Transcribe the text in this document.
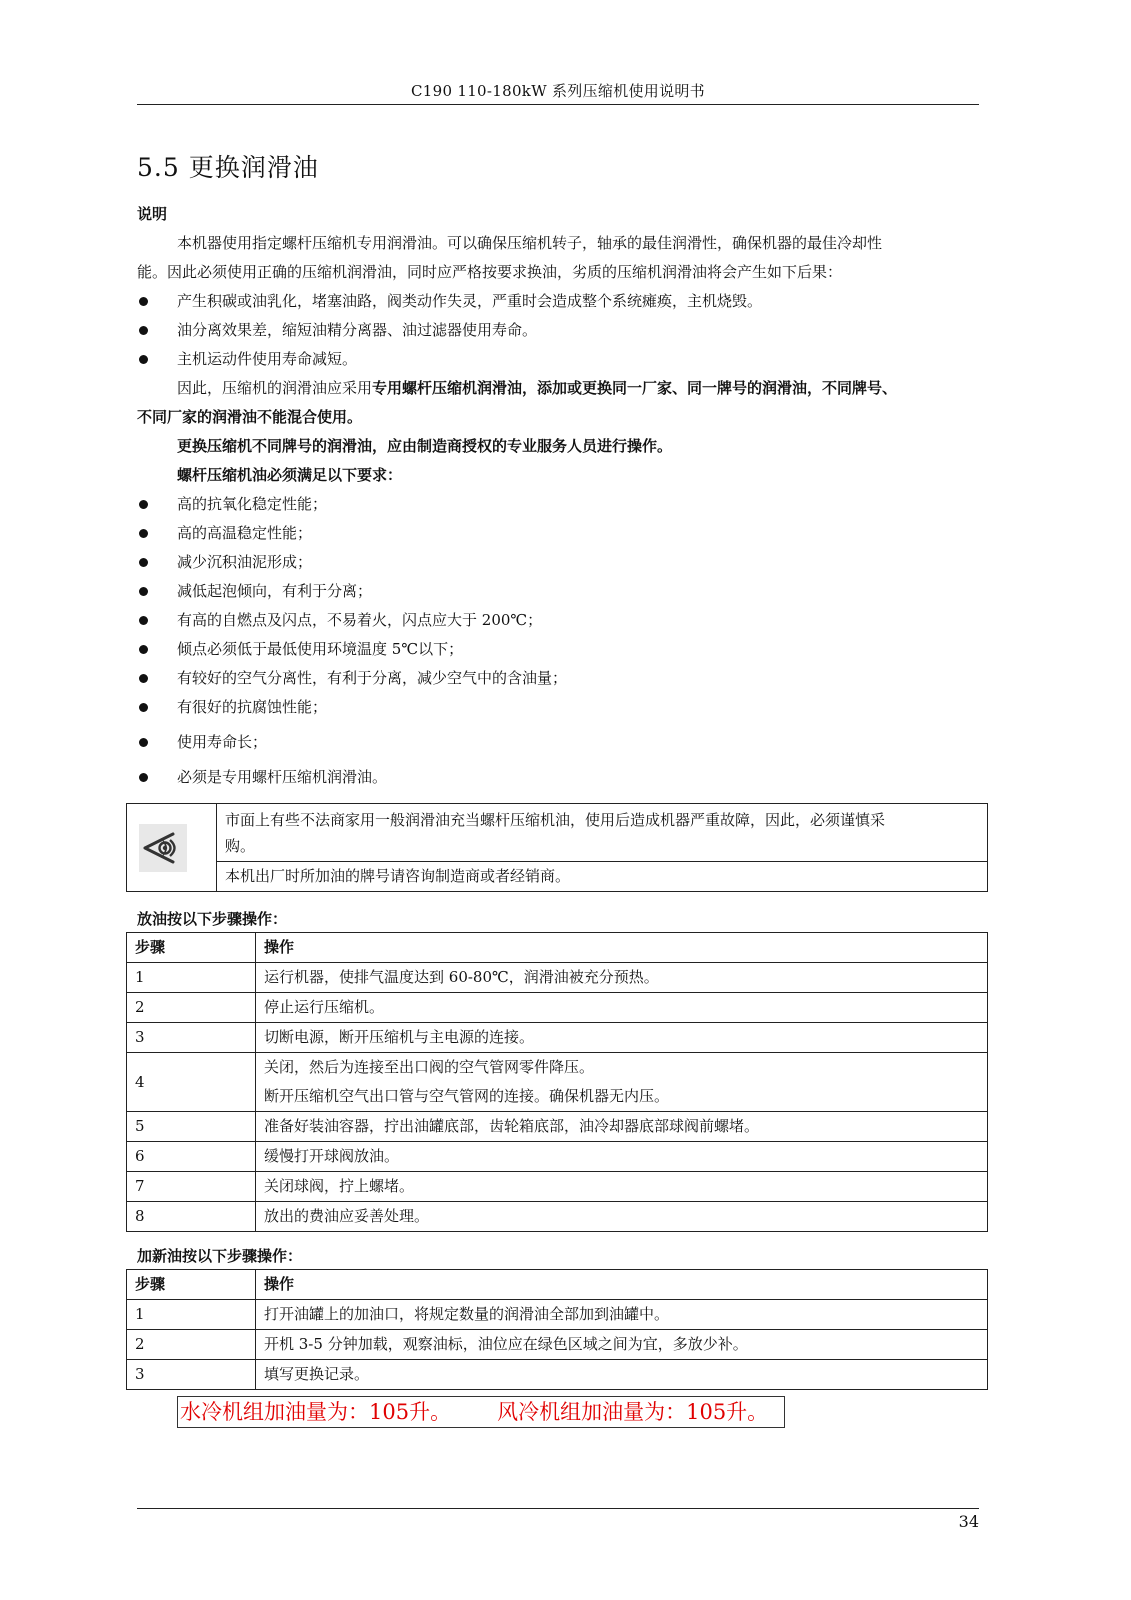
C190 110-180kW 系列压缩机使用说明书
5.5 更换润滑油
说明
本机器使用指定螺杆压缩机专用润滑油。可以确保压缩机转子，轴承的最佳润滑性，确保机器的最佳冷却性
能。因此必须使用正确的压缩机润滑油，同时应严格按要求换油，劣质的压缩机润滑油将会产生如下后果：
产生积碳或油乳化，堵塞油路，阀类动作失灵，严重时会造成整个系统瘫痪，主机烧毁。
油分离效果差，缩短油精分离器、油过滤器使用寿命。
主机运动件使用寿命减短。
因此，压缩机的润滑油应采用专用螺杆压缩机润滑油，添加或更换同一厂家、同一牌号的润滑油，不同牌号、
不同厂家的润滑油不能混合使用。
更换压缩机不同牌号的润滑油，应由制造商授权的专业服务人员进行操作。
螺杆压缩机油必须满足以下要求：
高的抗氧化稳定性能；
高的高温稳定性能；
减少沉积油泥形成；
减低起泡倾向，有利于分离；
有高的自燃点及闪点，不易着火，闪点应大于 200℃；
倾点必须低于最低使用环境温度 5℃以下；
有较好的空气分离性，有利于分离，减少空气中的含油量；
有很好的抗腐蚀性能；
使用寿命长；
必须是专用螺杆压缩机润滑油。
市面上有些不法商家用一般润滑油充当螺杆压缩机油，使用后造成机器严重故障，因此，必须谨慎采
购。
本机出厂时所加油的牌号请咨询制造商或者经销商。
放油按以下步骤操作：
步骤	操作
1	运行机器，使排气温度达到 60-80℃，润滑油被充分预热。
2	停止运行压缩机。
3	切断电源，断开压缩机与主电源的连接。
4	关闭，然后为连接至出口阀的空气管网零件降压。
断开压缩机空气出口管与空气管网的连接。确保机器无内压。

5	准备好装油容器，拧出油罐底部，齿轮箱底部，油冷却器底部球阀前螺堵。
6	缓慢打开球阀放油。
7	关闭球阀，拧上螺堵。
8	放出的费油应妥善处理。
加新油按以下步骤操作：
步骤	操作
1	打开油罐上的加油口，将规定数量的润滑油全部加到油罐中。
2	开机 3-5 分钟加载，观察油标，油位应在绿色区域之间为宜，多放少补。
3	填写更换记录。
水冷机组加油量为：105升。 风冷机组加油量为：105升。
34
